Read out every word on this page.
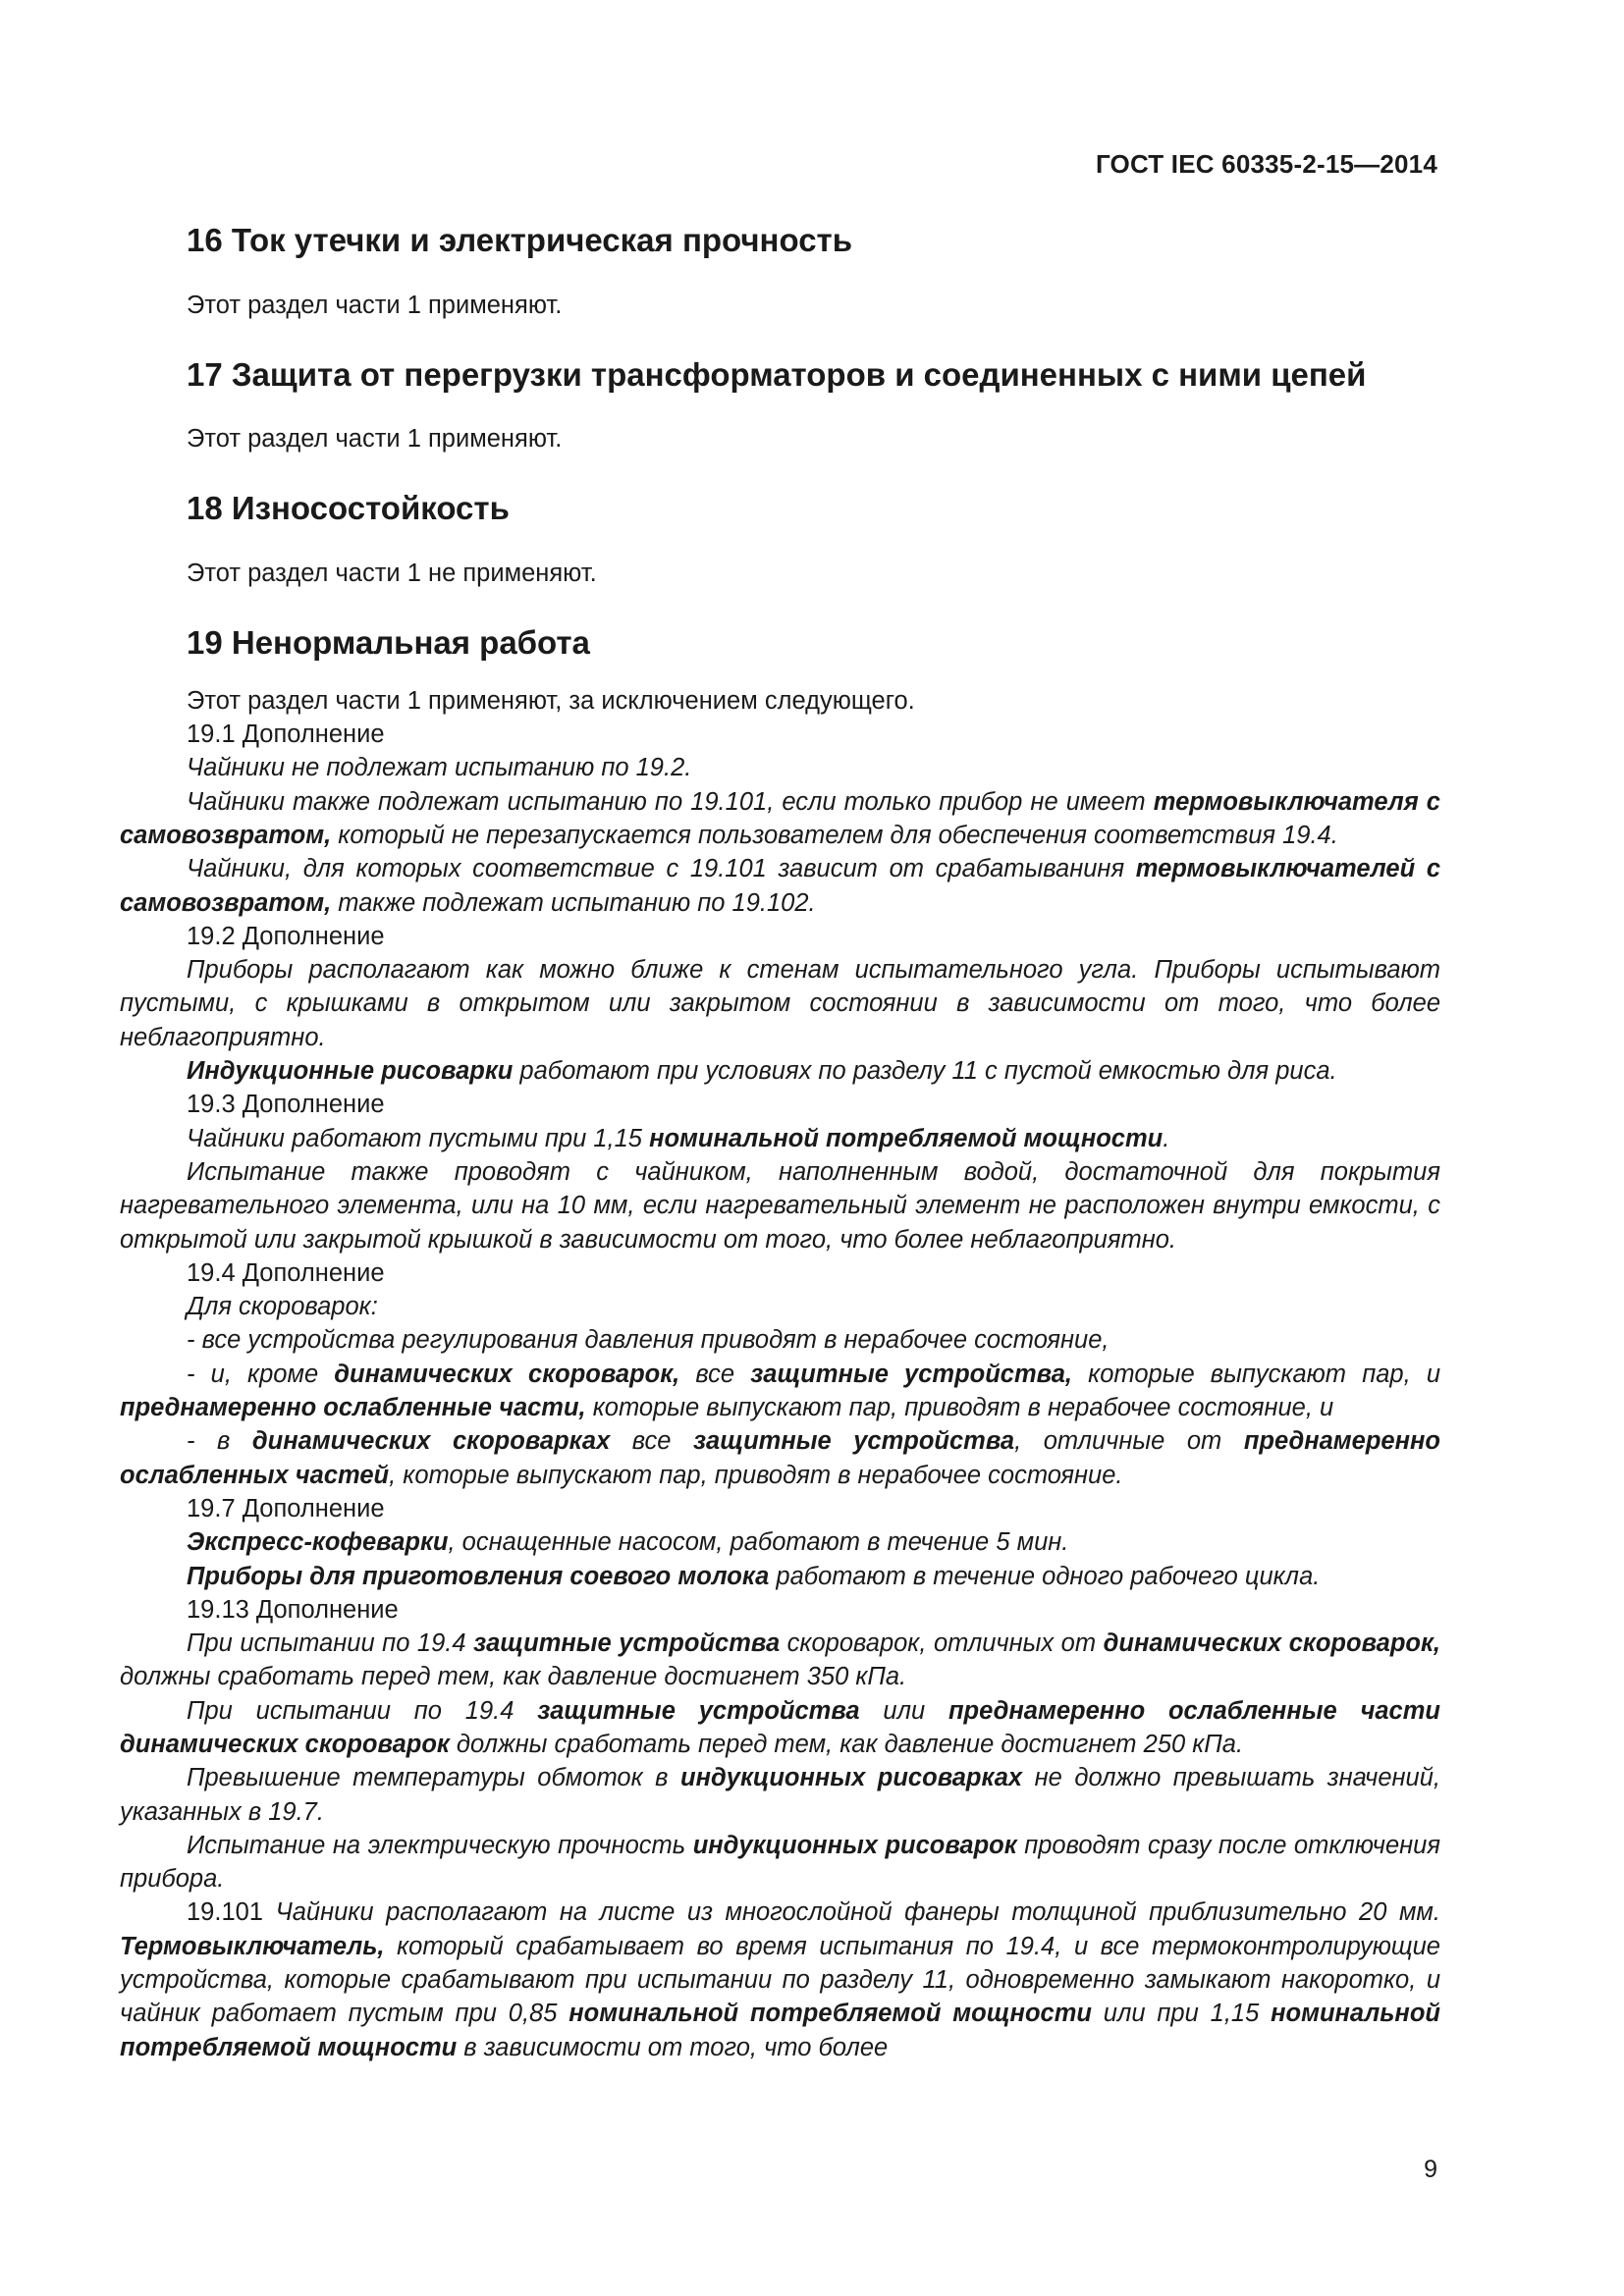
ГОСТ IEC 60335-2-15—2014
16 Ток утечки и электрическая прочность
Этот раздел части 1 применяют.
17 Защита от перегрузки трансформаторов и соединенных с ними цепей
Этот раздел части 1 применяют.
18 Износостойкость
Этот раздел части 1 не применяют.
19 Ненормальная работа

Этот раздел части 1 применяют, за исключением следующего.

19.1 Дополнение

Чайники не подлежат испытанию по 19.2.

Чайники также подлежат испытанию по 19.101, если только прибор не имеет термовыключателя с самовозвратом, который не перезапускается пользователем для обеспечения соответствия 19.4.

Чайники, для которых соответствие с 19.101 зависит от срабатываниня термовыключателей с самовозвратом, также подлежат испытанию по 19.102.

19.2 Дополнение

Приборы располагают как можно ближе к стенам испытательного угла. Приборы испытывают пустыми, с крышками в открытом или закрытом состоянии в зависимости от того, что более неблагоприятно.

Индукционные рисоварки работают при условиях по разделу 11 с пустой емкостью для риса.

19.3 Дополнение

Чайники работают пустыми при 1,15 номинальной потребляемой мощности.

Испытание также проводят с чайником, наполненным водой, достаточной для покрытия нагревательного элемента, или на 10 мм, если нагревательный элемент не расположен внутри емкости, с открытой или закрытой крышкой в зависимости от того, что более неблагоприятно.

19.4 Дополнение

Для скороварок:

- все устройства регулирования давления приводят в нерабочее состояние,

- и, кроме динамических скороварок, все защитные устройства, которые выпускают пар, и преднамеренно ослабленные части, которые выпускают пар, приводят в нерабочее состояние, и

- в динамических скороварках все защитные устройства, отличные от преднамеренно ослабленных частей, которые выпускают пар, приводят в нерабочее состояние.

19.7 Дополнение

Экспресс-кофеварки, оснащенные насосом, работают в течение 5 мин.

Приборы для приготовления соевого молока работают в течение одного рабочего цикла.

19.13 Дополнение

При испытании по 19.4 защитные устройства скороварок, отличных от динамических скороварок, должны сработать перед тем, как давление достигнет 350 кПа.

При испытании по 19.4 защитные устройства или преднамеренно ослабленные части динамических скороварок должны сработать перед тем, как давление достигнет 250 кПа.

Превышение температуры обмоток в индукционных рисоварках не должно превышать значений, указанных в 19.7.

Испытание на электрическую прочность индукционных рисоварок проводят сразу после отключения прибора.

19.101 Чайники располагают на листе из многослойной фанеры толщиной приблизительно 20 мм. Термовыключатель, который срабатывает во время испытания по 19.4, и все термоконтролирующие устройства, которые срабатывают при испытании по разделу 11, одновременно замыкают накоротко, и чайник работает пустым при 0,85 номинальной потребляемой мощности или при 1,15 номинальной потребляемой мощности в зависимости от того, что более

9
